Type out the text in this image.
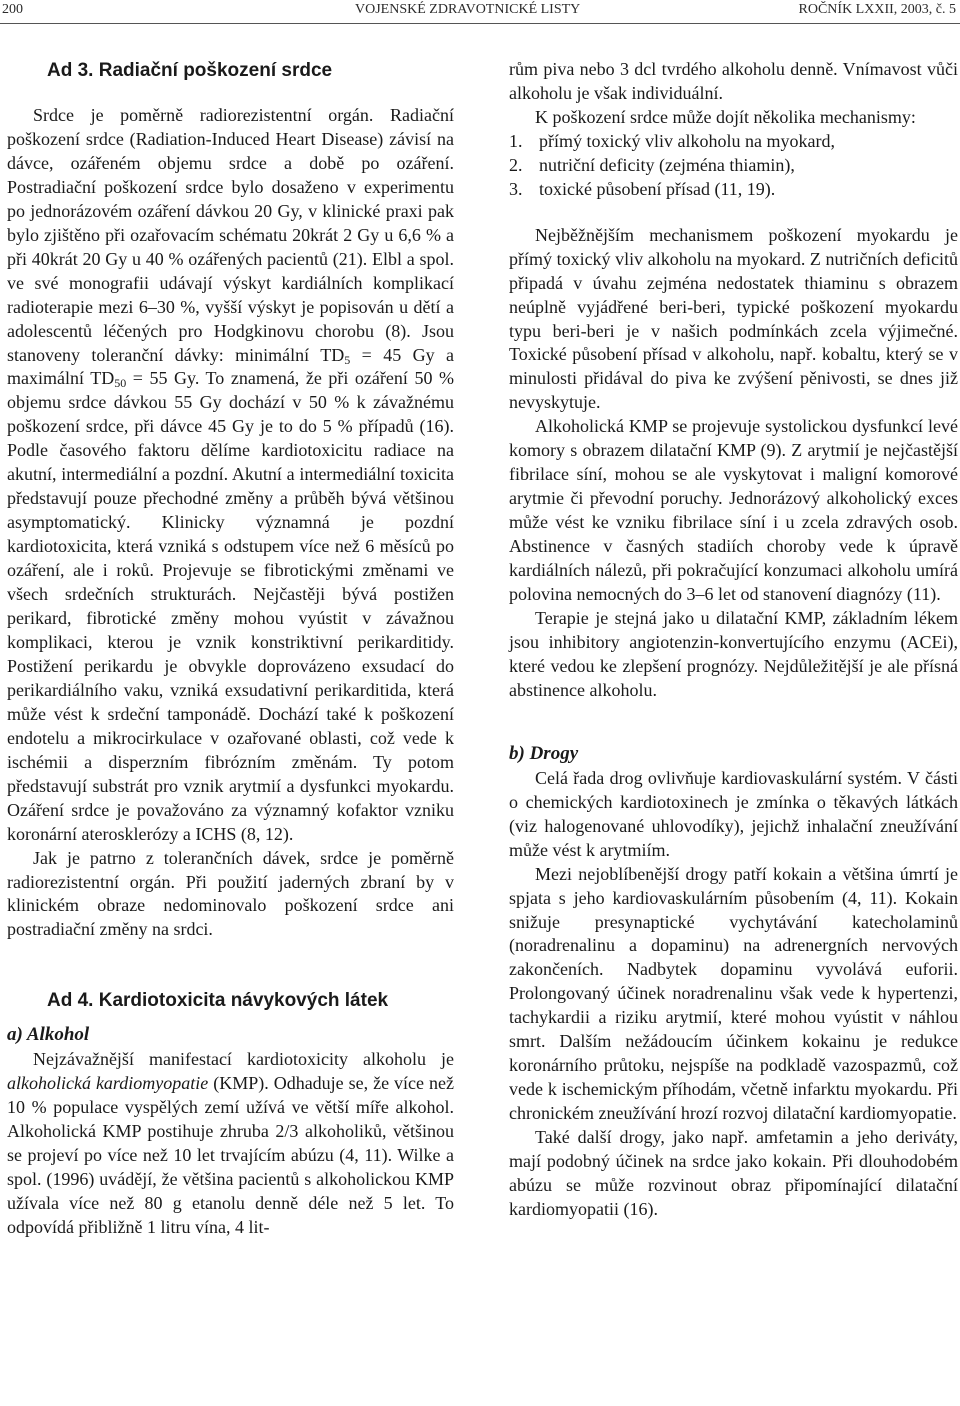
200	VOJENSKÉ ZDRAVOTNICKÉ LISTY	ROČNÍK LXXII, 2003, č. 5
Ad 3. Radiační poškození srdce

Srdce je poměrně radiorezistentní orgán. Radiační poškození srdce (Radiation-Induced Heart Disease) závisí na dávce, ozářeném objemu srdce a době po ozáření. Postradiační poškození srdce bylo dosaženo v experimentu po jednorázovém ozáření dávkou 20 Gy, v klinické praxi pak bylo zjištěno při ozařovacím schématu 20krát 2 Gy u 6,6 % a při 40krát 20 Gy u 40 % ozářených pacientů (21). Elbl a spol. ve své monografii udávají výskyt kardiálních komplikací radioterapie mezi 6–30 %, vyšší výskyt je popisován u dětí a adolescentů léčených pro Hodgkinovu chorobu (8). Jsou stanoveny toleranční dávky: minimální $TD_5 = 45$ Gy a maximální $TD_{50} = 55$ Gy. To znamená, že při ozáření 50 % objemu srdce dávkou 55 Gy dochází v 50 % k závažnému poškození srdce, při dávce 45 Gy je to do 5 % případů (16). Podle časového faktoru dělíme kardiotoxicitu radiace na akutní, intermediální a pozdní. Akutní a intermediální toxicita představují pouze přechodné změny a průběh bývá většinou asymptomatický. Klinicky významná je pozdní kardiotoxicita, která vzniká s odstupem více než 6 měsíců po ozáření, ale i roků. Projevuje se fibrotickými změnami ve všech srdečních strukturách. Nejčastěji bývá postižen perikard, fibrotické změny mohou vyústit v závažnou komplikaci, kterou je vznik konstriktivní perikarditidy. Postižení perikardu je obvykle doprovázeno exsudací do perikardiálního vaku, vzniká exsudativní perikarditida, která může vést k srdeční tamponádě. Dochází také k poškození endotelu a mikrocirkulace v ozařované oblasti, což vede k ischémii a disperzním fibrózním změnám. Ty potom představují substrát pro vznik arytmií a dysfunkci myokardu. Ozáření srdce je považováno za významný kofaktor vzniku koronární aterosklerózy a ICHS (8, 12).

Jak je patrno z tolerančních dávek, srdce je poměrně radiorezistentní orgán. Při použití jaderných zbraní by v klinickém obraze nedominovalo poškození srdce ani postradiační změny na srdci.

Ad 4. Kardiotoxicita návykových látek
a) Alkohol

Nejzávažnější manifestací kardiotoxicity alkoholu je alkoholická kardiomyopatie (KMP). Odhaduje se, že více než 10 % populace vyspělých zemí užívá ve větší míře alkohol. Alkoholická KMP postihuje zhruba 2/3 alkoholiků, většinou se projeví po více než 10 let trvajícím abúzu (4, 11). Wilke a spol. (1996) uvádějí, že většina pacientů s alkoholickou KMP užívala více než 80 g etanolu denně déle než 5 let. To odpovídá přibližně 1 litru vína, 4 lit-

rům piva nebo 3 dcl tvrdého alkoholu denně. Vnímavost vůči alkoholu je však individuální.

K poškození srdce může dojít několika mechanismy:

1. přímý toxický vliv alkoholu na myokard,
2. nutriční deficity (zejména thiamin),
3. toxické působení přísad (11, 19).

Nejběžnějším mechanismem poškození myokardu je přímý toxický vliv alkoholu na myokard. Z nutričních deficitů připadá v úvahu zejména nedostatek thiaminu s obrazem neúplně vyjádřené beri-beri, typické poškození myokardu typu beri-beri je v našich podmínkách zcela výjimečné. Toxické působení přísad v alkoholu, např. kobaltu, který se v minulosti přidával do piva ke zvýšení pěnivosti, se dnes již nevyskytuje.

Alkoholická KMP se projevuje systolickou dysfunkcí levé komory s obrazem dilatační KMP (9). Z arytmií je nejčastější fibrilace síní, mohou se ale vyskytovat i maligní komorové arytmie či převodní poruchy. Jednorázový alkoholický exces může vést ke vzniku fibrilace síní i u zcela zdravých osob. Abstinence v časných stadiích choroby vede k úpravě kardiálních nálezů, při pokračující konzumaci alkoholu umírá polovina nemocných do 3–6 let od stanovení diagnózy (11).

Terapie je stejná jako u dilatační KMP, základním lékem jsou inhibitory angiotenzin-konvertujícího enzymu (ACEi), které vedou ke zlepšení prognózy. Nejdůležitější je ale přísná abstinence alkoholu.

b) Drogy

Celá řada drog ovlivňuje kardiovaskulární systém. V části o chemických kardiotoxinech je zmínka o těkavých látkách (viz halogenované uhlovodíky), jejichž inhalační zneužívání může vést k arytmiím.

Mezi nejoblíbenější drogy patří kokain a většina úmrtí je spjata s jeho kardiovaskulárním působením (4, 11). Kokain snižuje presynaptické vychytávání katecholaminů (noradrenalinu a dopaminu) na adrenergních nervových zakončeních. Nadbytek dopaminu vyvolává euforii. Prolongovaný účinek noradrenalinu však vede k hypertenzi, tachykardii a riziku arytmií, které mohou vyústit v náhlou smrt. Dalším nežádoucím účinkem kokainu je redukce koronárního průtoku, nejspíše na podkladě vazospazmů, což vede k ischemickým příhodám, včetně infarktu myokardu. Při chronickém zneužívání hrozí rozvoj dilatační kardiomyopatie.

Také další drogy, jako např. amfetamin a jeho deriváty, mají podobný účinek na srdce jako kokain. Při dlouhodobém abúzu se může rozvinout obraz připomínající dilatační kardiomyopatii (16).
